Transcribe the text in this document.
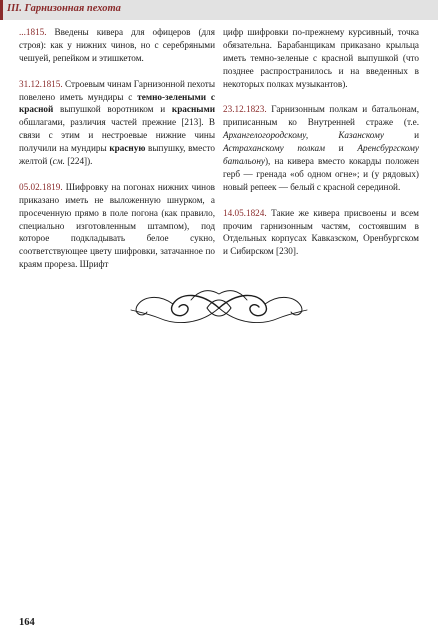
III. Гарнизонная пехота

...1815. Введены кивера для офицеров (для строя): как у нижних чинов, но с серебряными чешуей, репейком и этишкетом.

31.12.1815. Строевым чинам Гарнизонной пехоты повелено иметь мундиры с темно-зелеными с красной выпушкой воротником и красными обшлагами, различия частей прежние [213]. В связи с этим и нестроевые нижние чины получили на мундиры красную выпушку, вместо желтой (см. [224]).

05.02.1819. Шифровку на погонах нижних чинов приказано иметь не выложенную шнурком, а просеченную прямо в поле погона (как правило, специально изготовленным штампом), под которое подкладывать белое сукно, соответствующее цвету шифровки, затачанное по краям прореза. Шрифт

цифр шифровки по-прежнему курсивный, точка обязательна. Барабанщикам приказано крыльца иметь темно-зеленые с красной выпушкой (что позднее распространилось и на введенных в некоторых полках музыкантов).

23.12.1823. Гарнизонным полкам и батальонам, приписанным ко Внутренней страже (т.е. Архангелогородскому, Казанскому и Астраханскому полкам и Аренсбургскому батальону), на кивера вместо кокарды положен герб — гренада «об одном огне»; и (у рядовых) новый репеек — белый с красной серединой.

14.05.1824. Такие же кивера присвоены и всем прочим гарнизонным частям, состоявшим в Отдельных корпусах Кавказском, Оренбургском и Сибирском [230].

164
